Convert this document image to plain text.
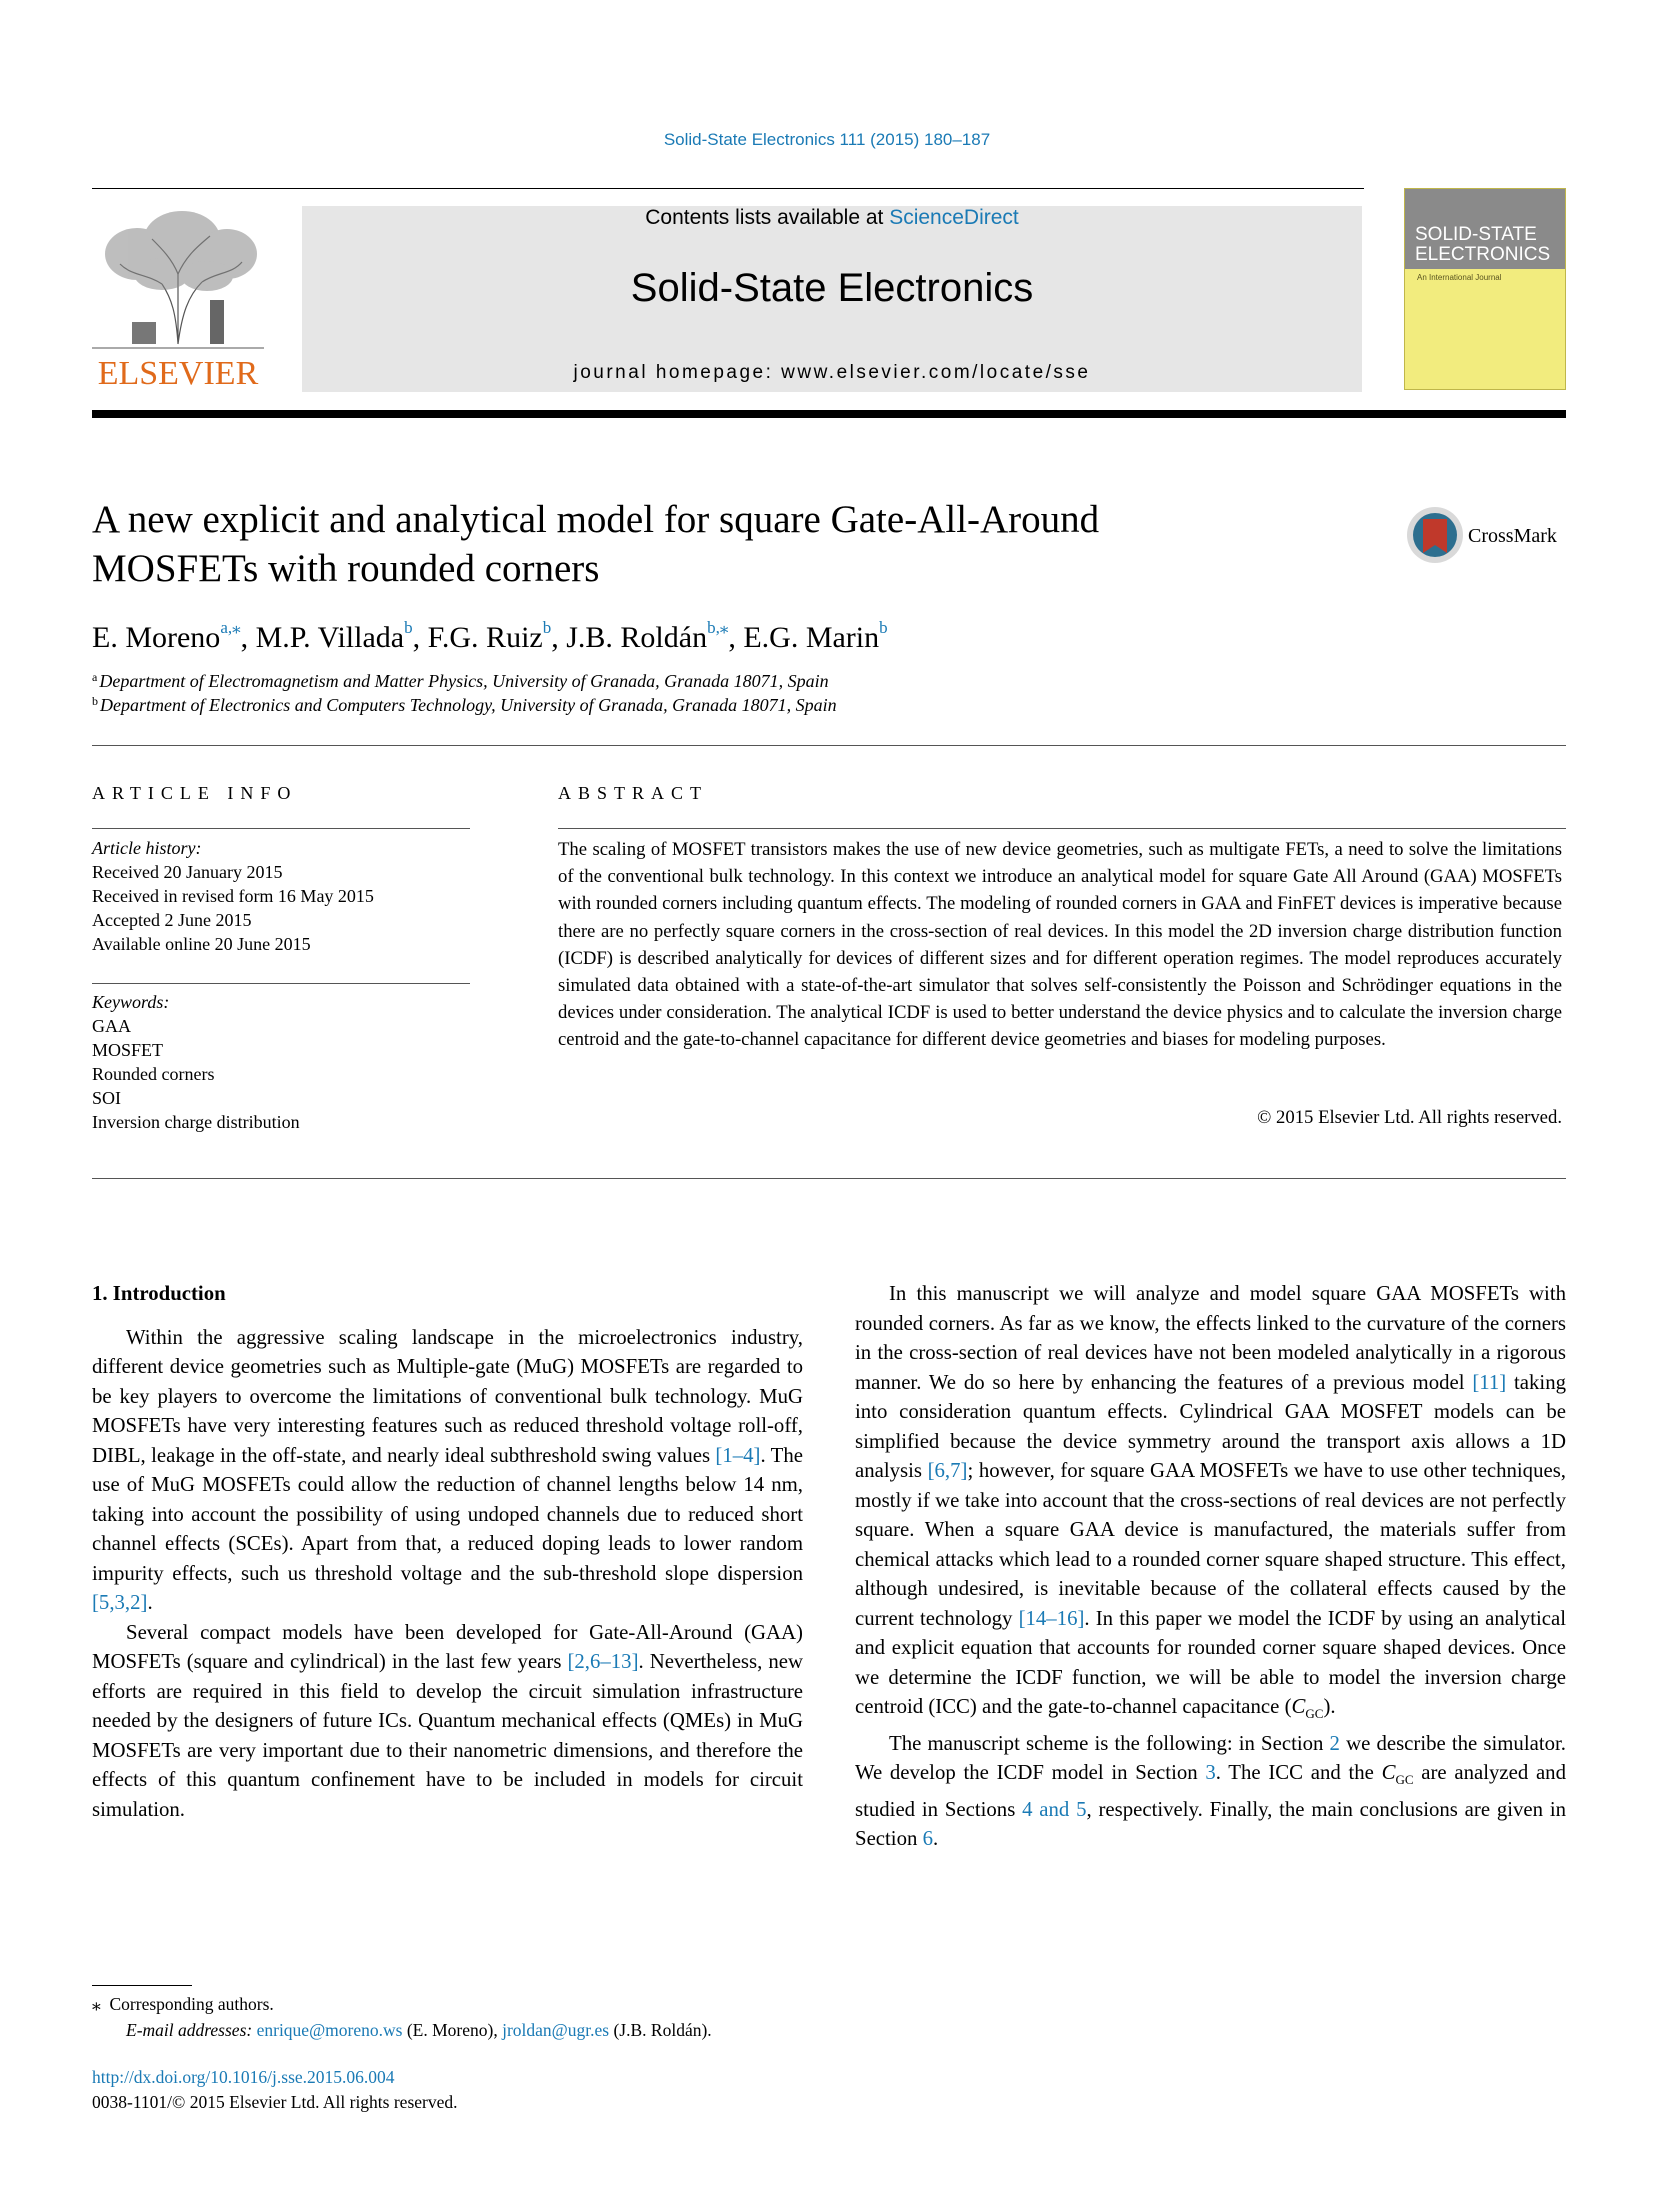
Solid-State Electronics 111 (2015) 180–187
ELSEVIER
Contents lists available at ScienceDirect
Solid-State Electronics
journal homepage: www.elsevier.com/locate/sse
SOLID-STATE ELECTRONICS
An International Journal
A new explicit and analytical model for square Gate-All-Around MOSFETs with rounded corners
CrossMark
E. Moreno$^{a,⁎}$, M.P. Villada$^b$, F.G. Ruiz$^b$, J.B. Roldán$^{b,⁎}$, E.G. Marin$^b$
$^a$ Department of Electromagnetism and Matter Physics, University of Granada, Granada 18071, Spain
$^b$ Department of Electronics and Computers Technology, University of Granada, Granada 18071, Spain
ARTICLE INFO
Article history:
Received 20 January 2015
Received in revised form 16 May 2015
Accepted 2 June 2015
Available online 20 June 2015
Keywords:
GAA
MOSFET
Rounded corners
SOI
Inversion charge distribution
ABSTRACT
The scaling of MOSFET transistors makes the use of new device geometries, such as multigate FETs, a need to solve the limitations of the conventional bulk technology. In this context we introduce an analytical model for square Gate All Around (GAA) MOSFETs with rounded corners including quantum effects. The modeling of rounded corners in GAA and FinFET devices is imperative because there are no perfectly square corners in the cross-section of real devices. In this model the 2D inversion charge distribution function (ICDF) is described analytically for devices of different sizes and for different operation regimes. The model reproduces accurately simulated data obtained with a state-of-the-art simulator that solves self-consistently the Poisson and Schrödinger equations in the devices under consideration. The analytical ICDF is used to better understand the device physics and to calculate the inversion charge centroid and the gate-to-channel capacitance for different device geometries and biases for modeling purposes.
© 2015 Elsevier Ltd. All rights reserved.
1. Introduction

Within the aggressive scaling landscape in the microelectronics industry, different device geometries such as Multiple-gate (MuG) MOSFETs are regarded to be key players to overcome the limitations of conventional bulk technology. MuG MOSFETs have very interesting features such as reduced threshold voltage roll-off, DIBL, leakage in the off-state, and nearly ideal subthreshold swing values [1–4]. The use of MuG MOSFETs could allow the reduction of channel lengths below 14 nm, taking into account the possibility of using undoped channels due to reduced short channel effects (SCEs). Apart from that, a reduced doping leads to lower random impurity effects, such us threshold voltage and the sub-threshold slope dispersion [5,3,2].

Several compact models have been developed for Gate-All-Around (GAA) MOSFETs (square and cylindrical) in the last few years [2,6–13]. Nevertheless, new efforts are required in this field to develop the circuit simulation infrastructure needed by the designers of future ICs. Quantum mechanical effects (QMEs) in MuG MOSFETs are very important due to their nanometric dimensions, and therefore the effects of this quantum confinement have to be included in models for circuit simulation.

In this manuscript we will analyze and model square GAA MOSFETs with rounded corners. As far as we know, the effects linked to the curvature of the corners in the cross-section of real devices have not been modeled analytically in a rigorous manner. We do so here by enhancing the features of a previous model [11] taking into consideration quantum effects. Cylindrical GAA MOSFET models can be simplified because the device symmetry around the transport axis allows a 1D analysis [6,7]; however, for square GAA MOSFETs we have to use other techniques, mostly if we take into account that the cross-sections of real devices are not perfectly square. When a square GAA device is manufactured, the materials suffer from chemical attacks which lead to a rounded corner square shaped structure. This effect, although undesired, is inevitable because of the collateral effects caused by the current technology [14–16]. In this paper we model the ICDF by using an analytical and explicit equation that accounts for rounded corner square shaped devices. Once we determine the ICDF function, we will be able to model the inversion charge centroid (ICC) and the gate-to-channel capacitance $(C_{GC})$.

The manuscript scheme is the following: in Section 2 we describe the simulator. We develop the ICDF model in Section 3. The ICC and the $C_{GC}$ are analyzed and studied in Sections 4 and 5, respectively. Finally, the main conclusions are given in Section 6.

⁎ Corresponding authors.
E-mail addresses: enrique@moreno.ws (E. Moreno), jroldan@ugr.es (J.B. Roldán).
http://dx.doi.org/10.1016/j.sse.2015.06.004
0038-1101/© 2015 Elsevier Ltd. All rights reserved.
